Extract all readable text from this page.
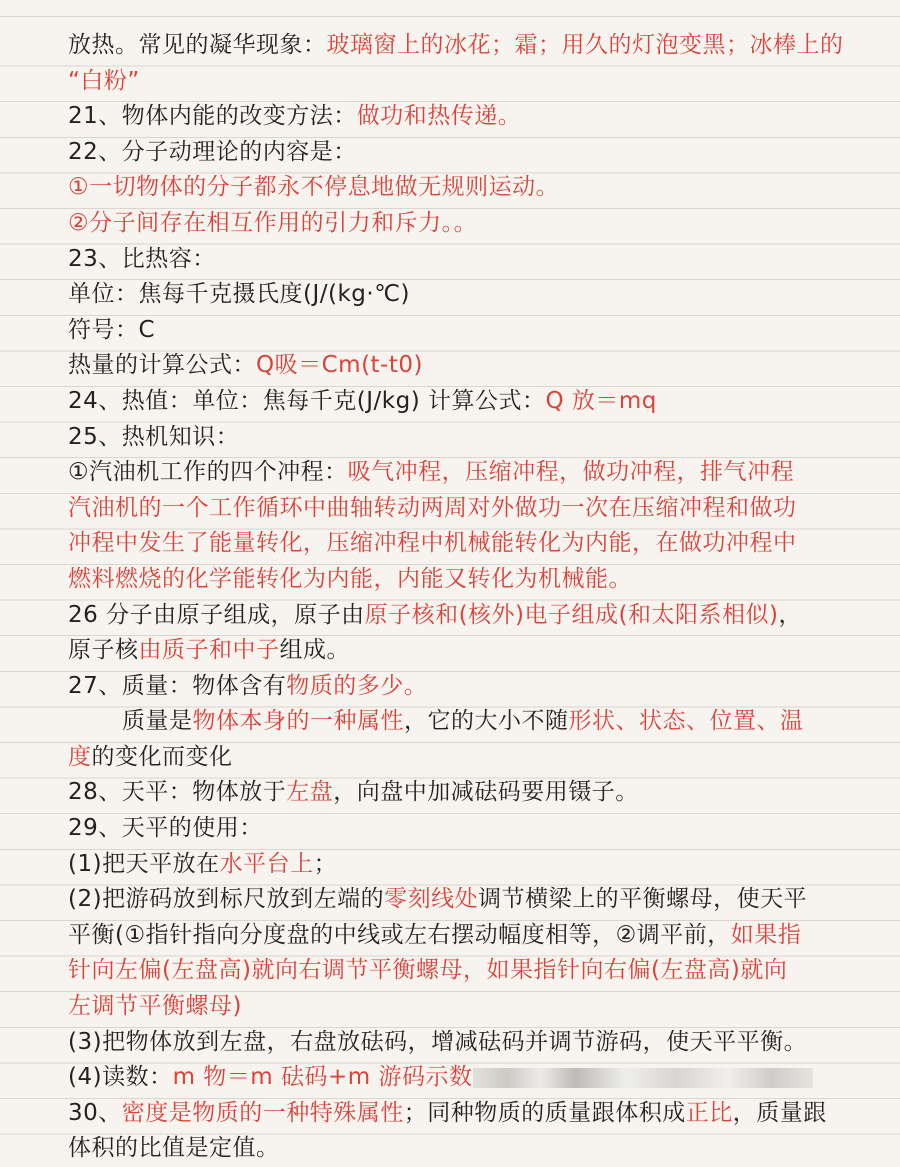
放热。常见的凝华现象：玻璃窗上的冰花；霜；用久的灯泡变黑；冰棒上的
“白粉”
21、物体内能的改变方法：做功和热传递。
22、分子动理论的内容是：
①一切物体的分子都永不停息地做无规则运动。
②分子间存在相互作用的引力和斥力。。
23、比热容：
单位：焦每千克摄氏度(J/(kg·℃)
符号：C
热量的计算公式：Q吸＝Cm(t-t0)
24、热值：单位：焦每千克(J/kg) 计算公式：Q 放＝mq
25、热机知识：
①汽油机工作的四个冲程：吸气冲程，压缩冲程，做功冲程，排气冲程
汽油机的一个工作循环中曲轴转动两周对外做功一次在压缩冲程和做功
冲程中发生了能量转化，压缩冲程中机械能转化为内能，在做功冲程中
燃料燃烧的化学能转化为内能，内能又转化为机械能。
26 分子由原子组成，原子由原子核和(核外)电子组成(和太阳系相似)，
原子核由质子和中子组成。
27、质量：物体含有物质的多少。
质量是物体本身的一种属性，它的大小不随形状、状态、位置、温
度的变化而变化
28、天平：物体放于左盘，向盘中加减砝码要用镊子。
29、天平的使用：
(1)把天平放在水平台上；
(2)把游码放到标尺放到左端的零刻线处调节横梁上的平衡螺母，使天平
平衡(①指针指向分度盘的中线或左右摆动幅度相等，②调平前，如果指
针向左偏(左盘高)就向右调节平衡螺母，如果指针向右偏(左盘高)就向
左调节平衡螺母)
(3)把物体放到左盘，右盘放砝码，增减砝码并调节游码，使天平平衡。
(4)读数：m 物＝m 砝码+m 游码示数
30、密度是物质的一种特殊属性；同种物质的质量跟体积成正比，质量跟
体积的比值是定值。
